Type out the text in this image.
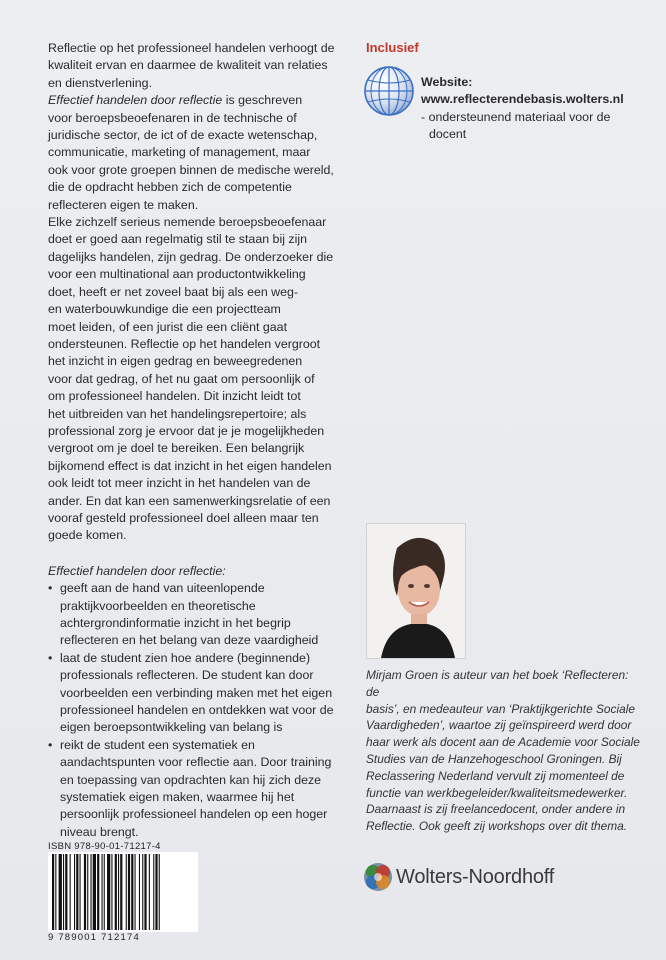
Reflectie op het professioneel handelen verhoogt de
kwaliteit ervan en daarmee de kwaliteit van relaties
en dienstverlening.

Effectief handelen door reflectie is geschreven
voor beroepsbeoefenaren in de technische of
juridische sector, de ict of de exacte wetenschap,
communicatie, marketing of management, maar
ook voor grote groepen binnen de medische wereld,
die de opdracht hebben zich de competentie
reflecteren eigen te maken.

Elke zichzelf serieus nemende beroepsbeoefenaar
doet er goed aan regelmatig stil te staan bij zijn
dagelijks handelen, zijn gedrag. De onderzoeker die
voor een multinational aan productontwikkeling
doet, heeft er net zoveel baat bij als een weg-
en waterbouwkundige die een projectteam
moet leiden, of een jurist die een cliënt gaat
ondersteunen. Reflectie op het handelen vergroot
het inzicht in eigen gedrag en beweegredenen
voor dat gedrag, of het nu gaat om persoonlijk of
om professioneel handelen. Dit inzicht leidt tot
het uitbreiden van het handelingsrepertoire; als
professional zorg je ervoor dat je je mogelijkheden
vergroot om je doel te bereiken. Een belangrijk
bijkomend effect is dat inzicht in het eigen handelen
ook leidt tot meer inzicht in het handelen van de
ander. En dat kan een samenwerkingsrelatie of een
vooraf gesteld professioneel doel alleen maar ten
goede komen.

Effectief handelen door reflectie:

• geeft aan de hand van uiteenlopende
praktijkvoorbeelden en theoretische
achtergrondinformatie inzicht in het begrip
reflecteren en het belang van deze vaardigheid
• laat de student zien hoe andere (beginnende)
professionals reflecteren. De student kan door
voorbeelden een verbinding maken met het eigen
professioneel handelen en ontdekken wat voor de
eigen beroepsontwikkeling van belang is
• reikt de student een systematiek en
aandachtspunten voor reflectie aan. Door training
en toepassing van opdrachten kan hij zich deze
systematiek eigen maken, waarmee hij het
persoonlijk professioneel handelen op een hoger
niveau brengt.
Inclusief
Website:
www.reflecterendebasis.wolters.nl
- ondersteunend materiaal voor de
docent
Mirjam Groen is auteur van het boek ‘Reflecteren: de
basis’, en medeauteur van ‘Praktijkgerichte Sociale
Vaardigheden’, waartoe zij geïnspireerd werd door
haar werk als docent aan de Academie voor Sociale
Studies van de Hanzehogeschool Groningen. Bij
Reclassering Nederland vervult zij momenteel de
functie van werkbegeleider/kwaliteitsmedewerker.
Daarnaast is zij freelancedocent, onder andere in
Reflectie. Ook geeft zij workshops over dit thema.
ISBN 978-90-01-71217-4
9 789001 712174
Wolters-Noordhoff
